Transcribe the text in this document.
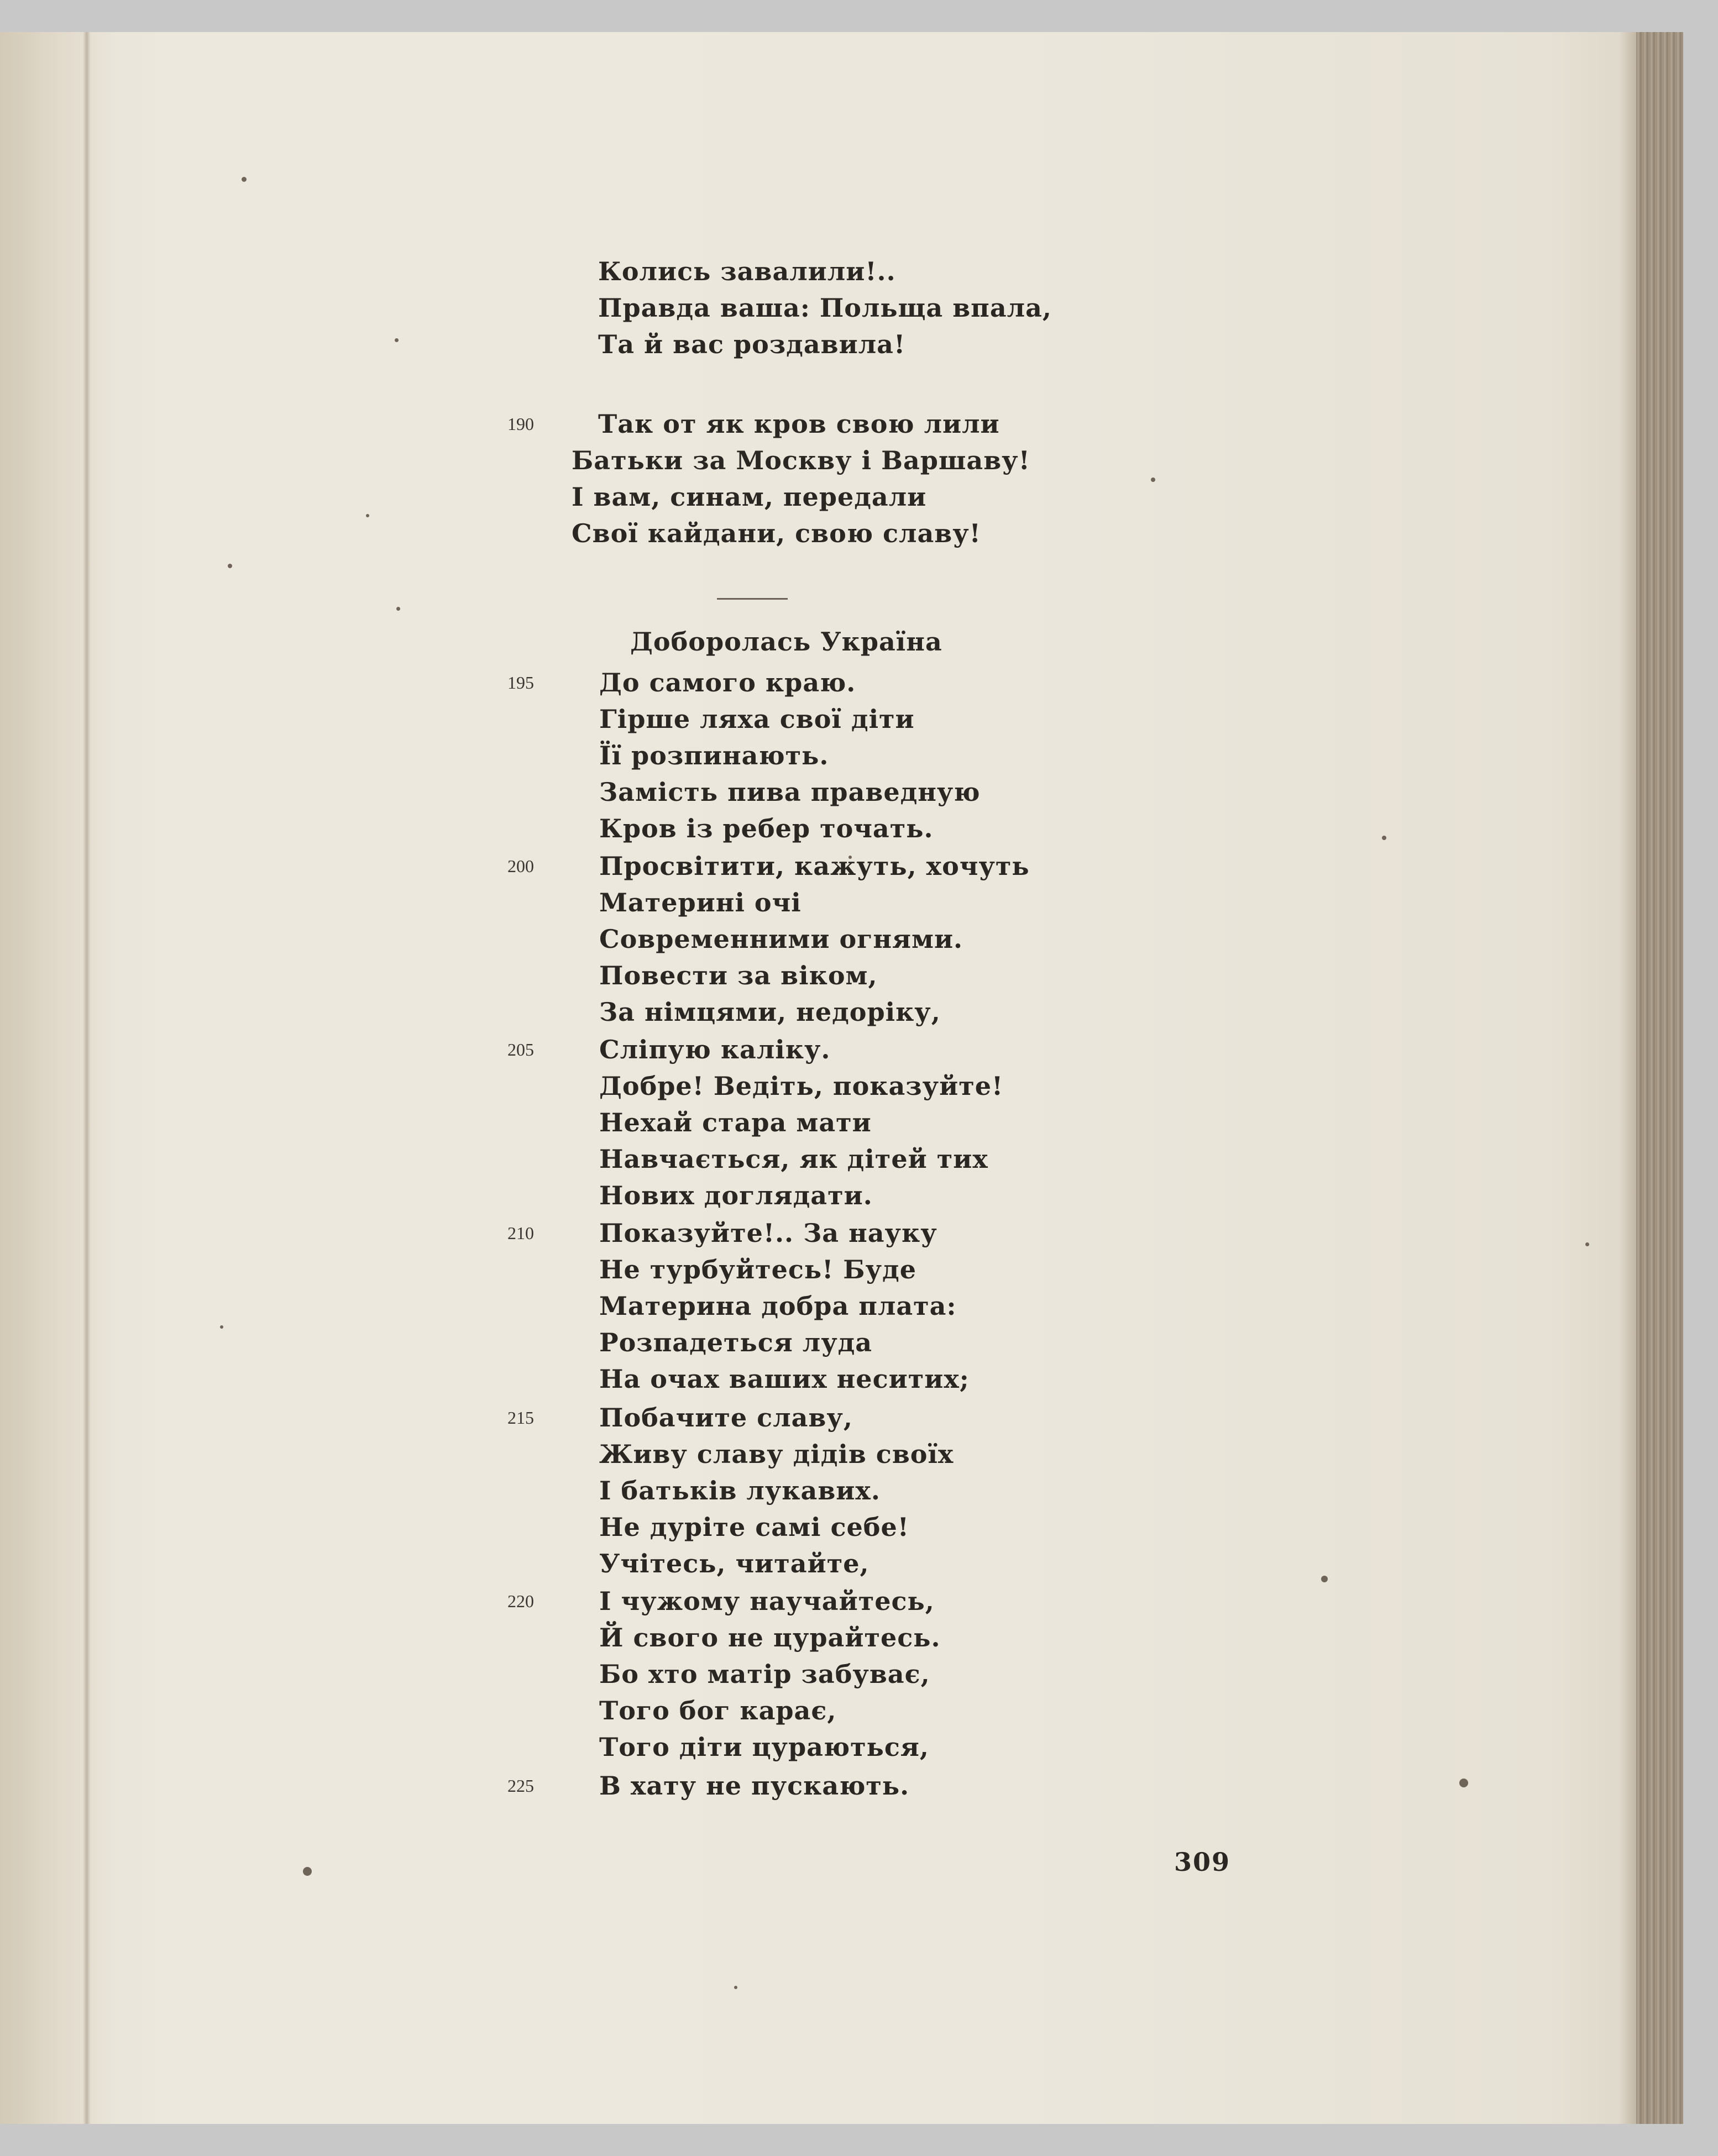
Колись завалили!..
Правда ваша: Польща впала,
Та й вас роздавила!
190	Так от як кров свою лили
Батьки за Москву і Варшаву!
І вам, синам, передали
Свої кайдани, свою славу!
Доборолась Україна
195	До самого краю.
Гірше ляха свої діти
Її розпинають.
Замість пива праведную
Кров із ребер точать.
200	Просвітити, кажуть, хочуть
Материні очі
Современними огнями.
Повести за віком,
За німцями, недоріку,
205	Сліпую каліку.
Добре! Ведіть, показуйте!
Нехай стара мати
Навчається, як дітей тих
Нових доглядати.
210	Показуйте!.. За науку
Не турбуйтесь! Буде
Материна добра плата:
Розпадеться луда
На очах ваших неситих;
215	Побачите славу,
Живу славу дідів своїх
І батьків лукавих.
Не дуріте самі себе!
Учітесь, читайте,
220	І чужому научайтесь,
Й свого не цурайтесь.
Бо хто матір забуває,
Того бог карає,
Того діти цураються,
225	В хату не пускають.
309
